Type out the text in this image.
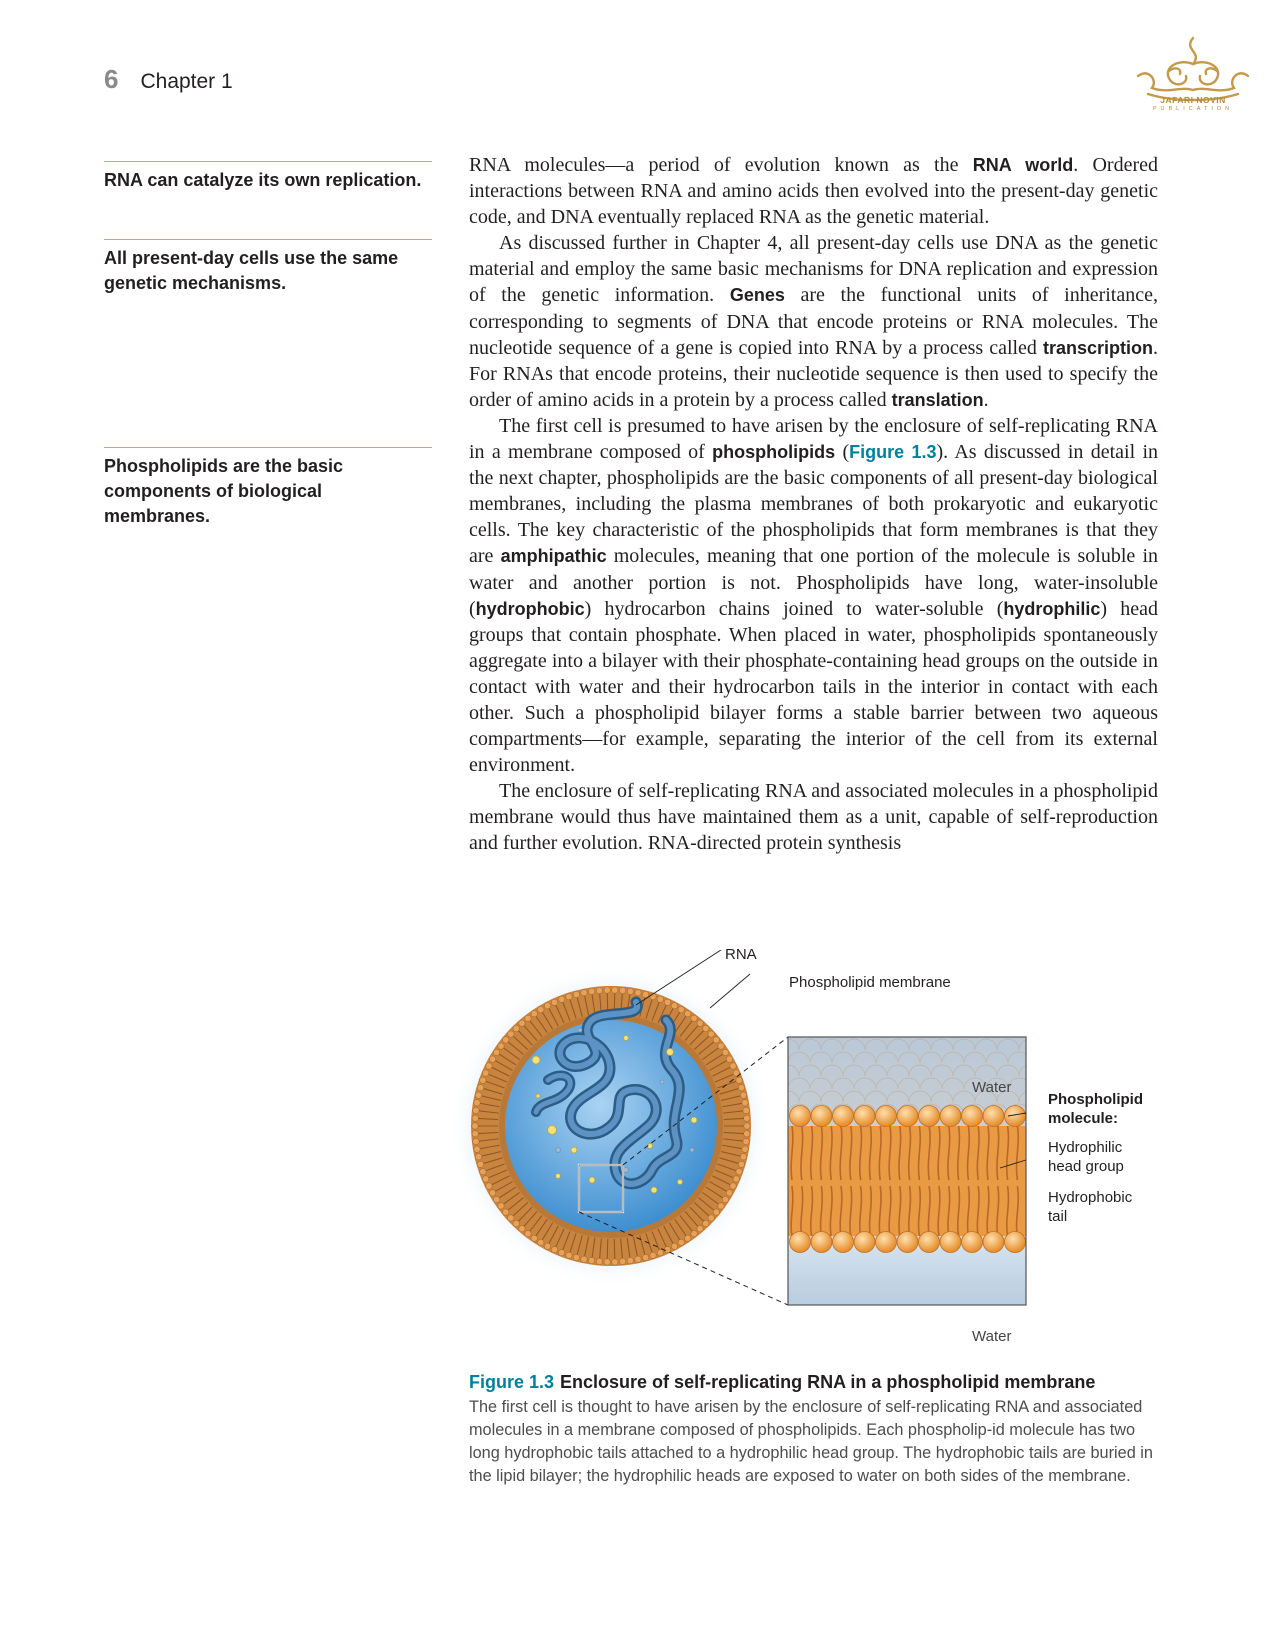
6 Chapter 1
JAFARI NOVIN
PUBLICATION
RNA can catalyze its own replication.
All present-day cells use the same genetic mechanisms.
Phospholipids are the basic components of biological membranes.

RNA molecules—a period of evolution known as the RNA world. Ordered interactions between RNA and amino acids then evolved into the present-day genetic code, and DNA eventually replaced RNA as the genetic material.

As discussed further in Chapter 4, all present-day cells use DNA as the genetic material and employ the same basic mechanisms for DNA replication and expression of the genetic information. Genes are the functional units of inheritance, corresponding to segments of DNA that encode proteins or RNA molecules. The nucleotide sequence of a gene is copied into RNA by a process called transcription. For RNAs that encode proteins, their nucleotide sequence is then used to specify the order of amino acids in a protein by a process called translation.

The first cell is presumed to have arisen by the enclosure of self-replicating RNA in a membrane composed of phospholipids (Figure 1.3). As discussed in detail in the next chapter, phospholipids are the basic components of all present-day biological membranes, including the plasma membranes of both prokaryotic and eukaryotic cells. The key characteristic of the phospholipids that form membranes is that they are amphipathic molecules, meaning that one portion of the molecule is soluble in water and another portion is not. Phospholipids have long, water-insoluble (hydrophobic) hydrocarbon chains joined to water-soluble (hydrophilic) head groups that contain phosphate. When placed in water, phospholipids spontaneously aggregate into a bilayer with their phosphate-containing head groups on the outside in contact with water and their hydrocarbon tails in the interior in contact with each other. Such a phospholipid bilayer forms a stable barrier between two aqueous compartments—for example, separating the interior of the cell from its external environment.

The enclosure of self-replicating RNA and associated molecules in a phospholipid membrane would thus have maintained them as a unit, capable of self-reproduction and further evolution. RNA-directed protein synthesis

RNA
Phospholipid membrane
Water
Water
Phospholipid molecule:
Hydrophilic head group
Hydrophobic tail
Figure 1.3 Enclosure of self-replicating RNA in a phospholipid membrane
The first cell is thought to have arisen by the enclosure of self-replicating RNA and associated molecules in a membrane composed of phospholipids. Each phospholip-id molecule has two long hydrophobic tails attached to a hydrophilic head group. The hydrophobic tails are buried in the lipid bilayer; the hydrophilic heads are exposed to water on both sides of the membrane.
